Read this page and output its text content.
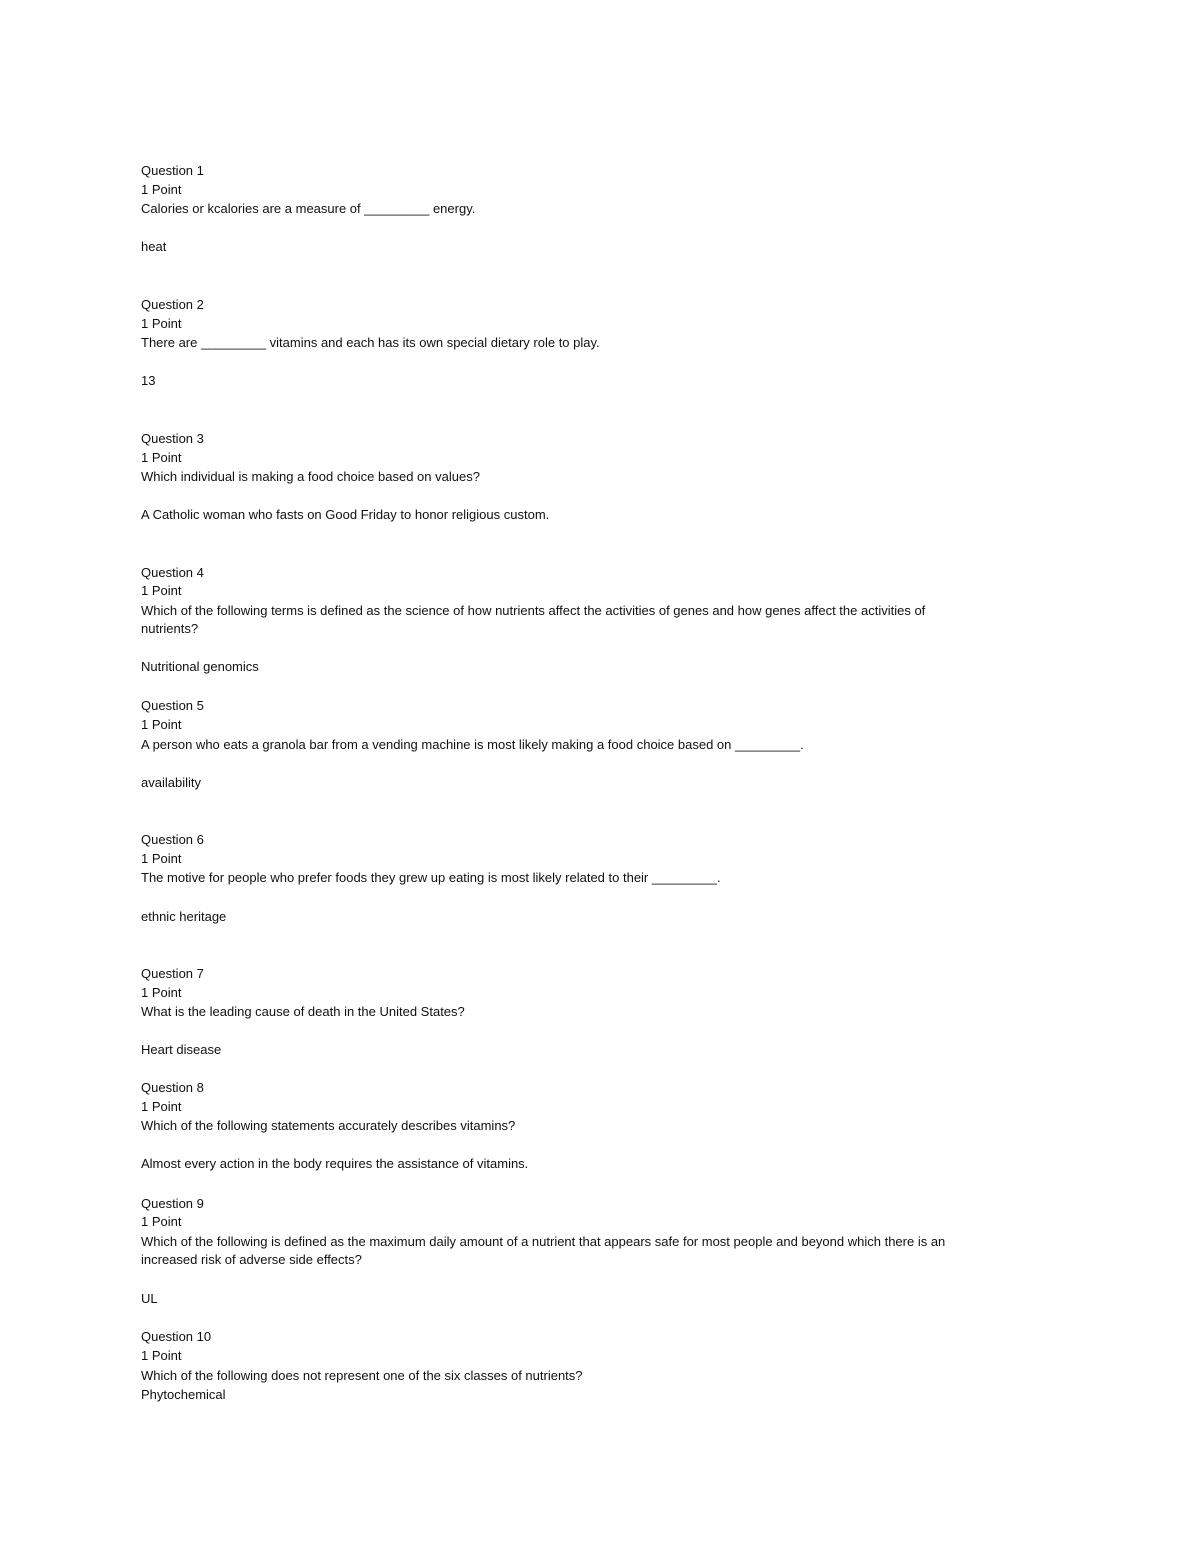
Question 1
1 Point
Calories or kcalories are a measure of _________ energy.
heat
Question 2
1 Point
There are _________ vitamins and each has its own special dietary role to play.
13
Question 3
1 Point
Which individual is making a food choice based on values?
A Catholic woman who fasts on Good Friday to honor religious custom.
Question 4
1 Point
Which of the following terms is defined as the science of how nutrients affect the activities of genes and how genes affect the activities of
nutrients?
Nutritional genomics
Question 5
1 Point
A person who eats a granola bar from a vending machine is most likely making a food choice based on _________.
availability
Question 6
1 Point
The motive for people who prefer foods they grew up eating is most likely related to their _________.
ethnic heritage
Question 7
1 Point
What is the leading cause of death in the United States?
Heart disease
Question 8
1 Point
Which of the following statements accurately describes vitamins?
Almost every action in the body requires the assistance of vitamins.
Question 9
1 Point
Which of the following is defined as the maximum daily amount of a nutrient that appears safe for most people and beyond which there is an
increased risk of adverse side effects?
UL
Question 10
1 Point
Which of the following does not represent one of the six classes of nutrients?
Phytochemical
